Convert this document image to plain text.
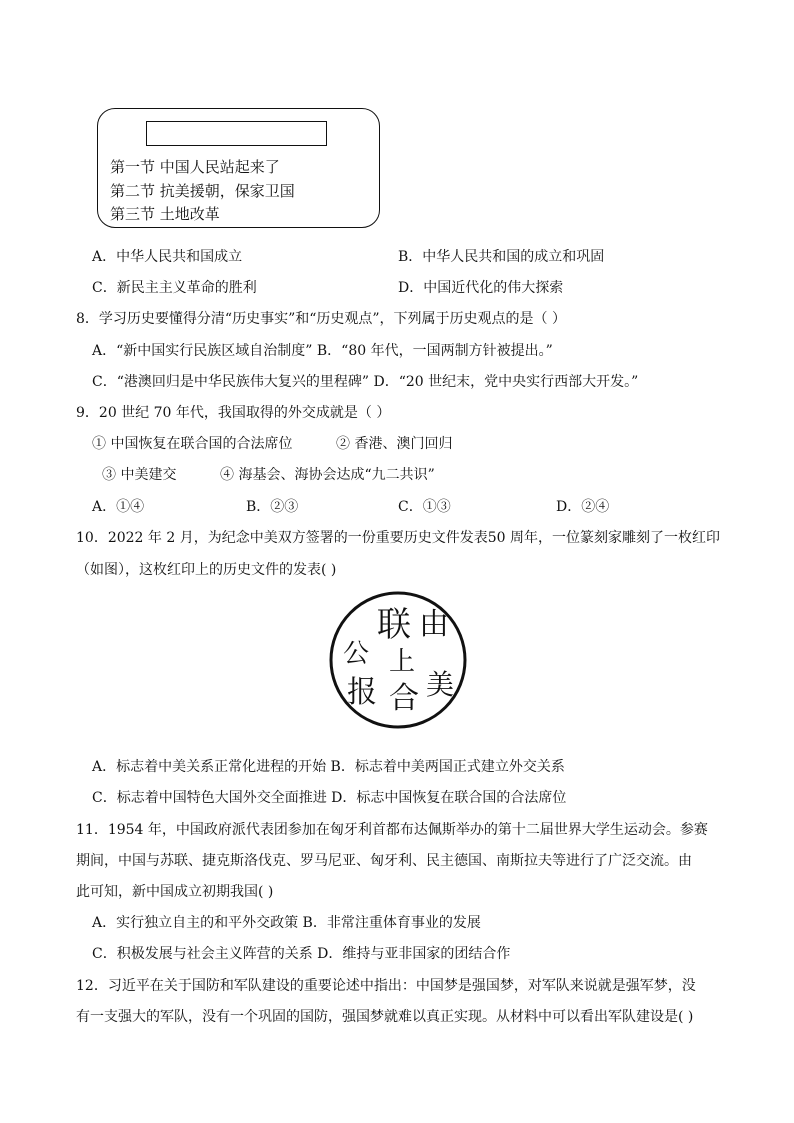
第一节 中国人民站起来了
第二节 抗美援朝，保家卫国
第三节 土地改革
A．中华人民共和国成立	B．中华人民共和国的成立和巩固
C．新民主主义革命的胜利	D．中国近代化的伟大探索
8．学习历史要懂得分清“历史事实”和“历史观点”，下列属于历史观点的是（ ）
A．“新中国实行民族区域自治制度” B．“80 年代，一国两制方针被提出。”
C．“港澳回归是中华民族伟大复兴的里程碑” D．“20 世纪末，党中央实行西部大开发。”
9．20 世纪 70 年代，我国取得的外交成就是（ ）
① 中国恢复在联合国的合法席位	② 香港、澳门回归
③ 中美建交	④ 海基会、海协会达成“九二共识”
A．①④	B．②③	C．①③	D．②④
10．2022 年 2 月，为纪念中美双方签署的一份重要历史文件发表50 周年，一位篆刻家雕刻了一枚红印
（如图），这枚红印上的历史文件的发表( )
联 由
公 上
报 合 美
A．标志着中美关系正常化进程的开始 B．标志着中美两国正式建立外交关系
C．标志着中国特色大国外交全面推进 D．标志中国恢复在联合国的合法席位
11．1954 年，中国政府派代表团参加在匈牙利首都布达佩斯举办的第十二届世界大学生运动会。参赛
期间，中国与苏联、捷克斯洛伐克、罗马尼亚、匈牙利、民主德国、南斯拉夫等进行了广泛交流。由
此可知，新中国成立初期我国( )
A．实行独立自主的和平外交政策 B．非常注重体育事业的发展
C．积极发展与社会主义阵营的关系 D．维持与亚非国家的团结合作
12．习近平在关于国防和军队建设的重要论述中指出：中国梦是强国梦，对军队来说就是强军梦，没
有一支强大的军队，没有一个巩固的国防，强国梦就难以真正实现。从材料中可以看出军队建设是( )
